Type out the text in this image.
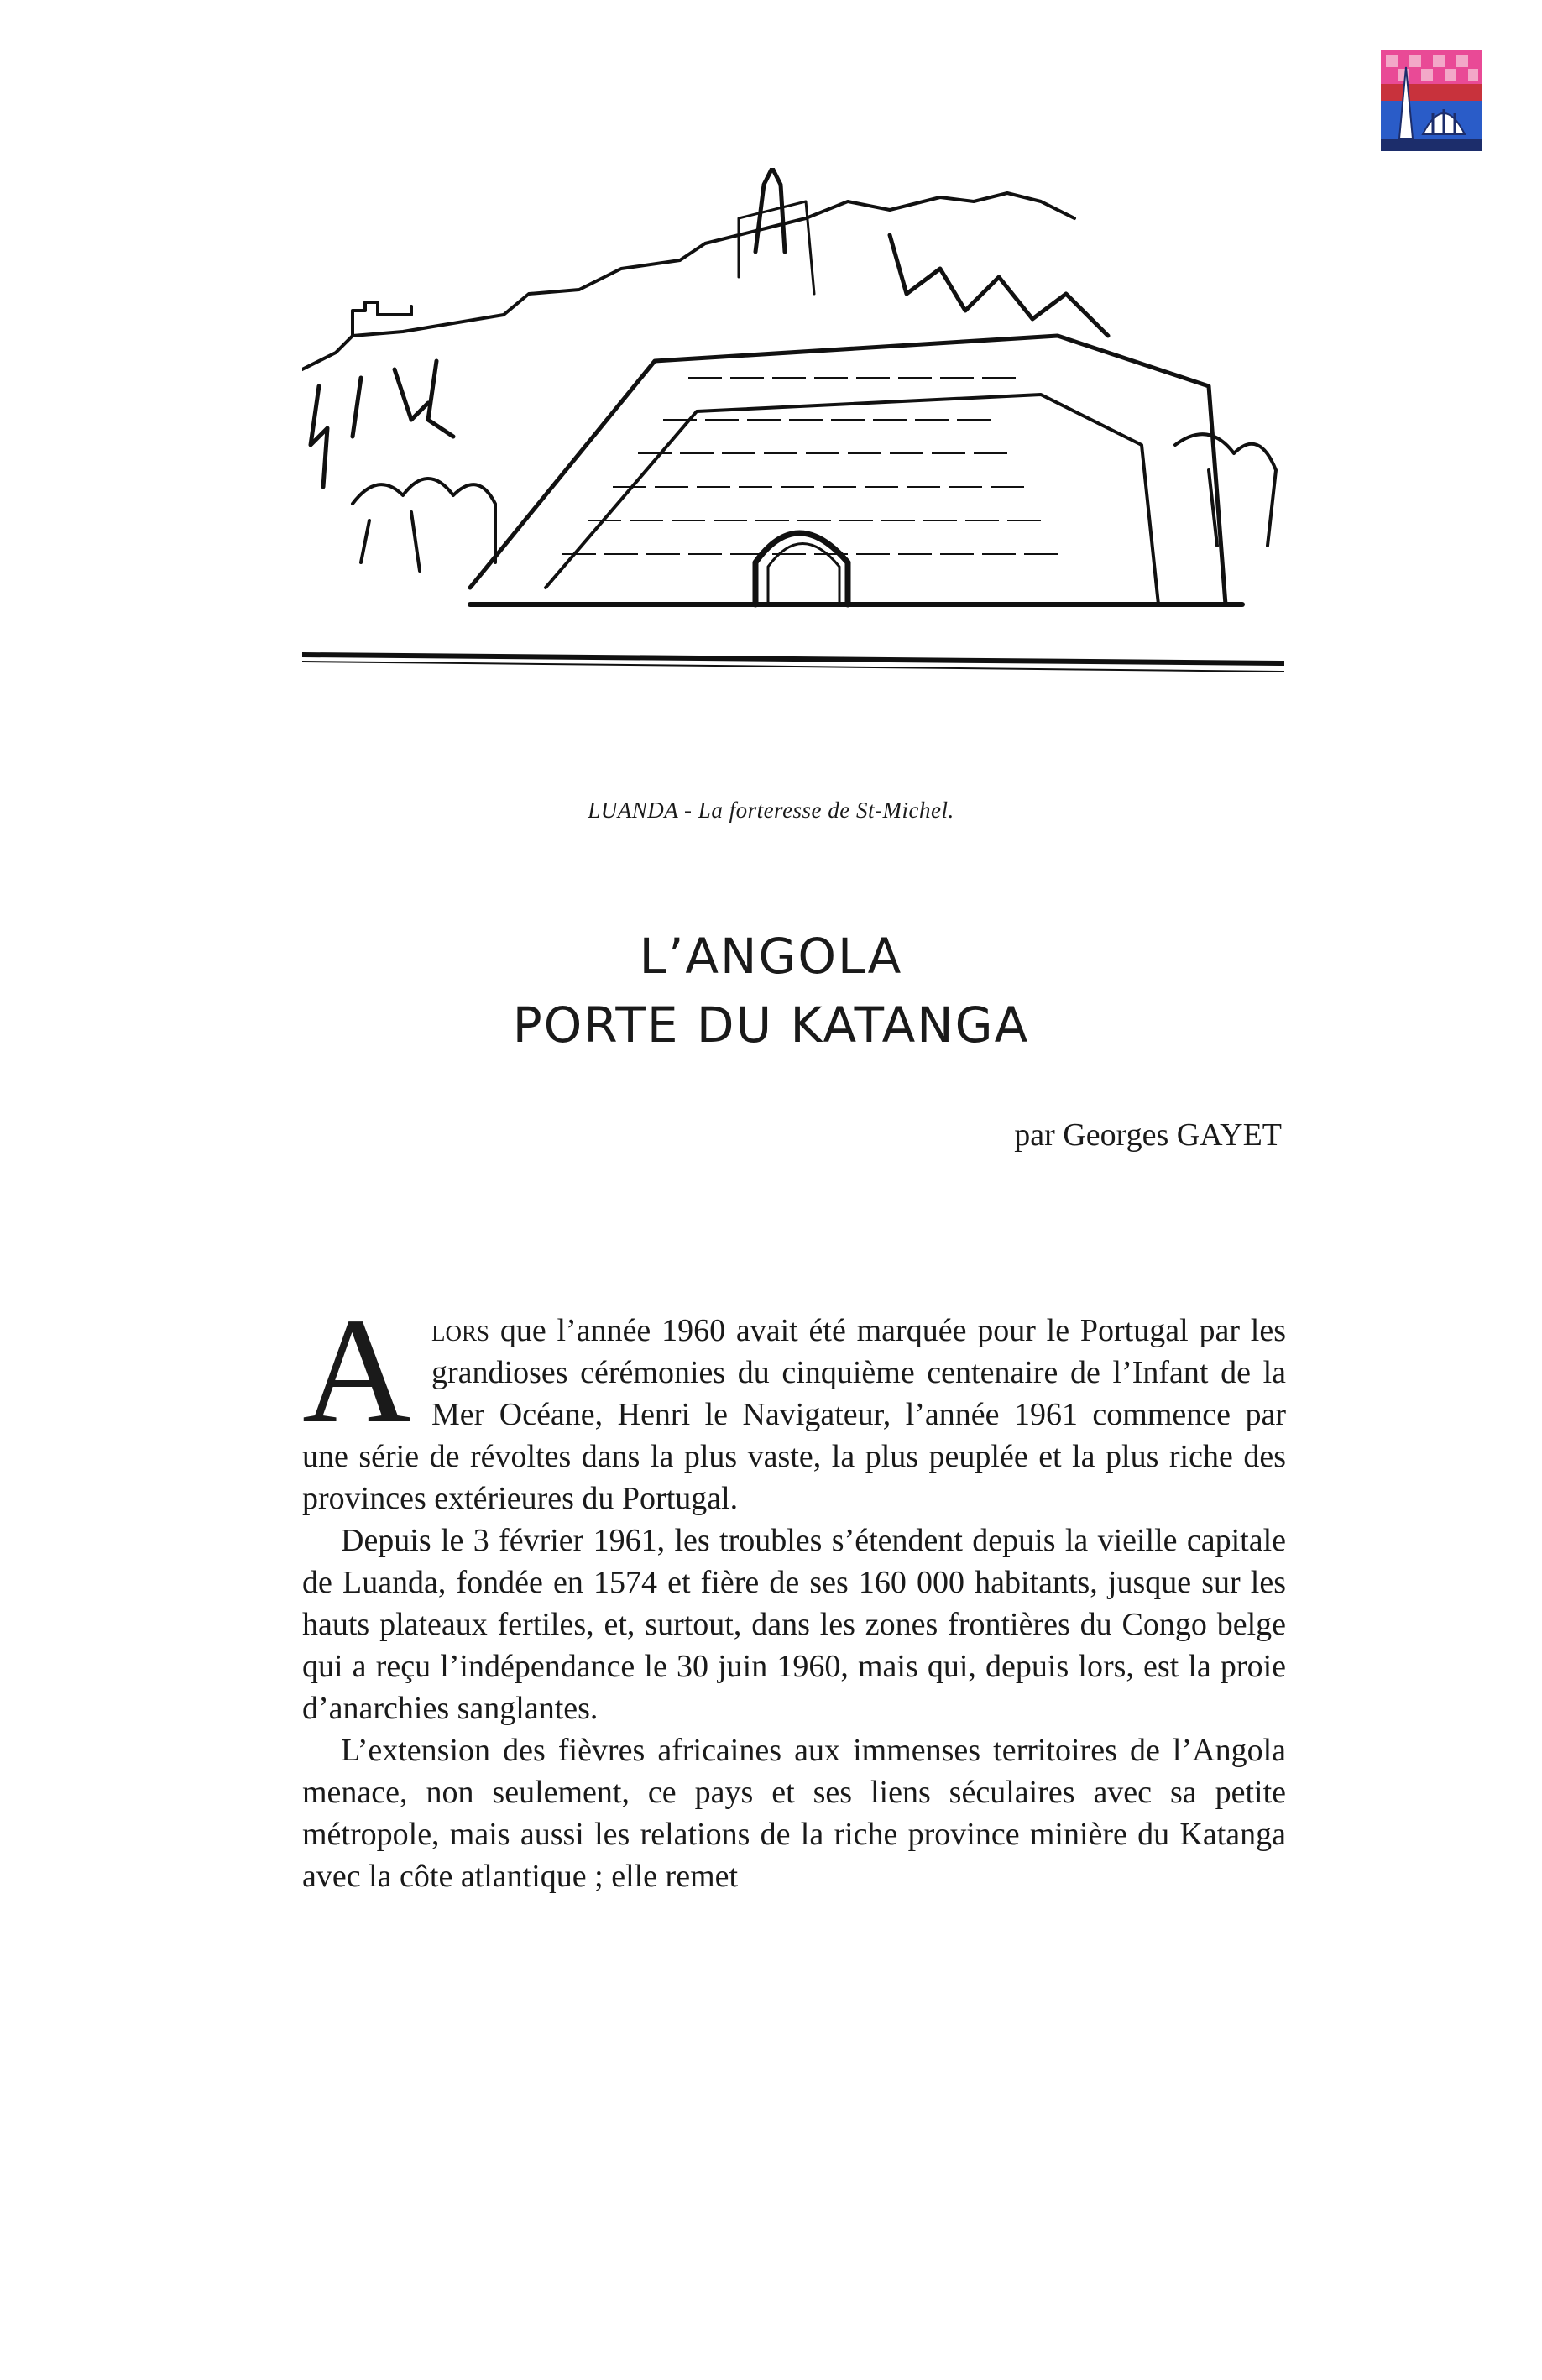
LUANDA - La forteresse de St-Michel.
L’ANGOLA
PORTE DU KATANGA
par Georges GAYET

Alors que l’année 1960 avait été marquée pour le Portugal par les grandioses cérémonies du cinquième centenaire de l’Infant de la Mer Océane, Henri le Navigateur, l’année 1961 commence par une série de révoltes dans la plus vaste, la plus peuplée et la plus riche des provinces extérieures du Portugal.

Depuis le 3 février 1961, les troubles s’étendent depuis la vieille capitale de Luanda, fondée en 1574 et fière de ses 160 000 habitants, jusque sur les hauts plateaux fertiles, et, surtout, dans les zones frontières du Congo belge qui a reçu l’indépendance le 30 juin 1960, mais qui, depuis lors, est la proie d’anarchies sanglantes.

L’extension des fièvres africaines aux immenses territoires de l’Angola menace, non seulement, ce pays et ses liens séculaires avec sa petite métropole, mais aussi les relations de la riche province minière du Katanga avec la côte atlantique ; elle remet
